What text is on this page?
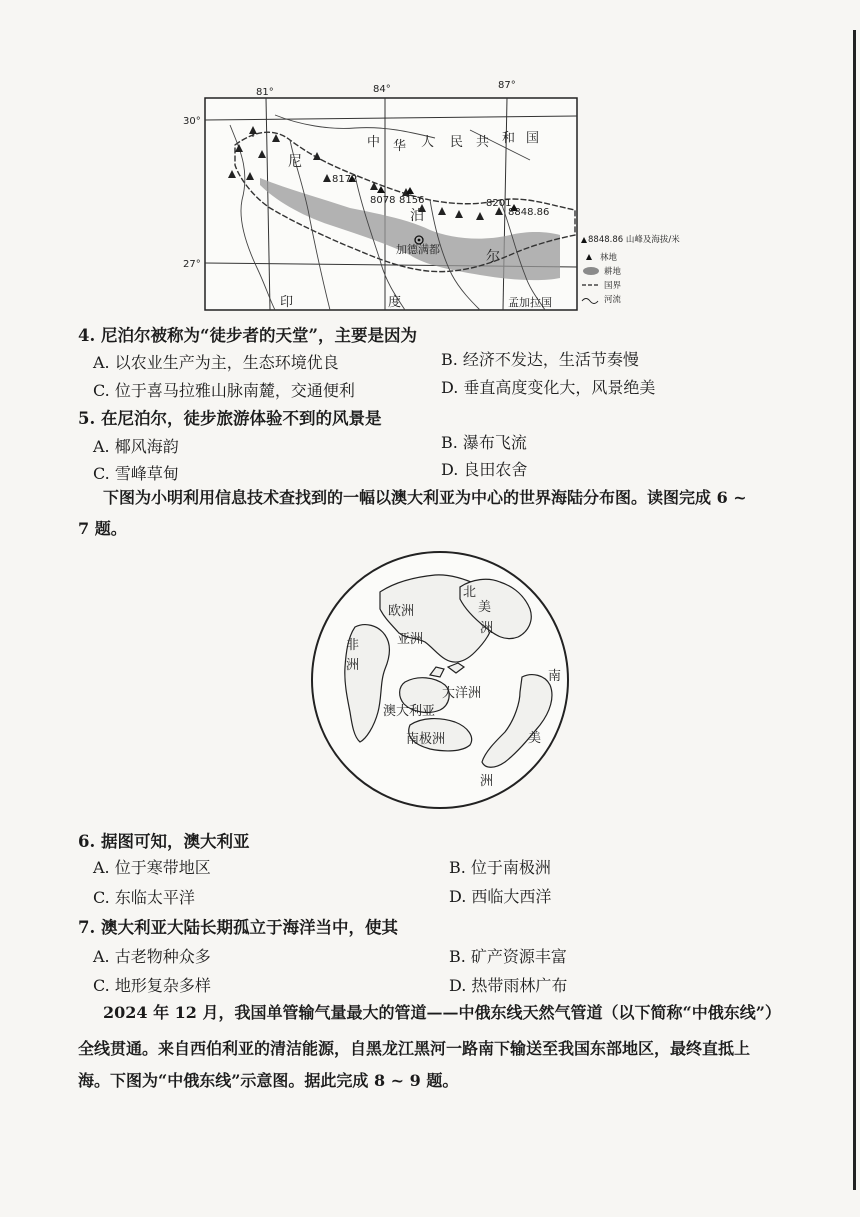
81°	84°	87°
30°
27°
中 华 人 民 共 和 国
尼
泊
尔
印	度	孟加拉国
8172
8078 8156	8201
8848.86
加德满都
8848.86 山峰及海拔/米
林地
耕地
国界
河流
4. 尼泊尔被称为“徒步者的天堂”，主要是因为
A. 以农业生产为主，生态环境优良	B. 经济不发达，生活节奏慢
C. 位于喜马拉雅山脉南麓，交通便利	D. 垂直高度变化大，风景绝美
5. 在尼泊尔，徒步旅游体验不到的风景是
A. 椰风海韵	B. 瀑布飞流
C. 雪峰草甸	D. 良田农舍
下图为小明利用信息技术查找到的一幅以澳大利亚为中心的世界海陆分布图。读图完成 6 ~
7 题。
北
美
洲
欧洲
亚洲
非
洲
大洋洲
澳大利亚
南极洲
南
美
洲
6. 据图可知，澳大利亚
A. 位于寒带地区	B. 位于南极洲
C. 东临太平洋	D. 西临大西洋
7. 澳大利亚大陆长期孤立于海洋当中，使其
A. 古老物种众多	B. 矿产资源丰富
C. 地形复杂多样	D. 热带雨林广布
2024 年 12 月，我国单管输气量最大的管道——中俄东线天然气管道（以下简称“中俄东线”）
全线贯通。来自西伯利亚的清洁能源，自黑龙江黑河一路南下输送至我国东部地区，最终直抵上
海。下图为“中俄东线”示意图。据此完成 8 ~ 9 题。
